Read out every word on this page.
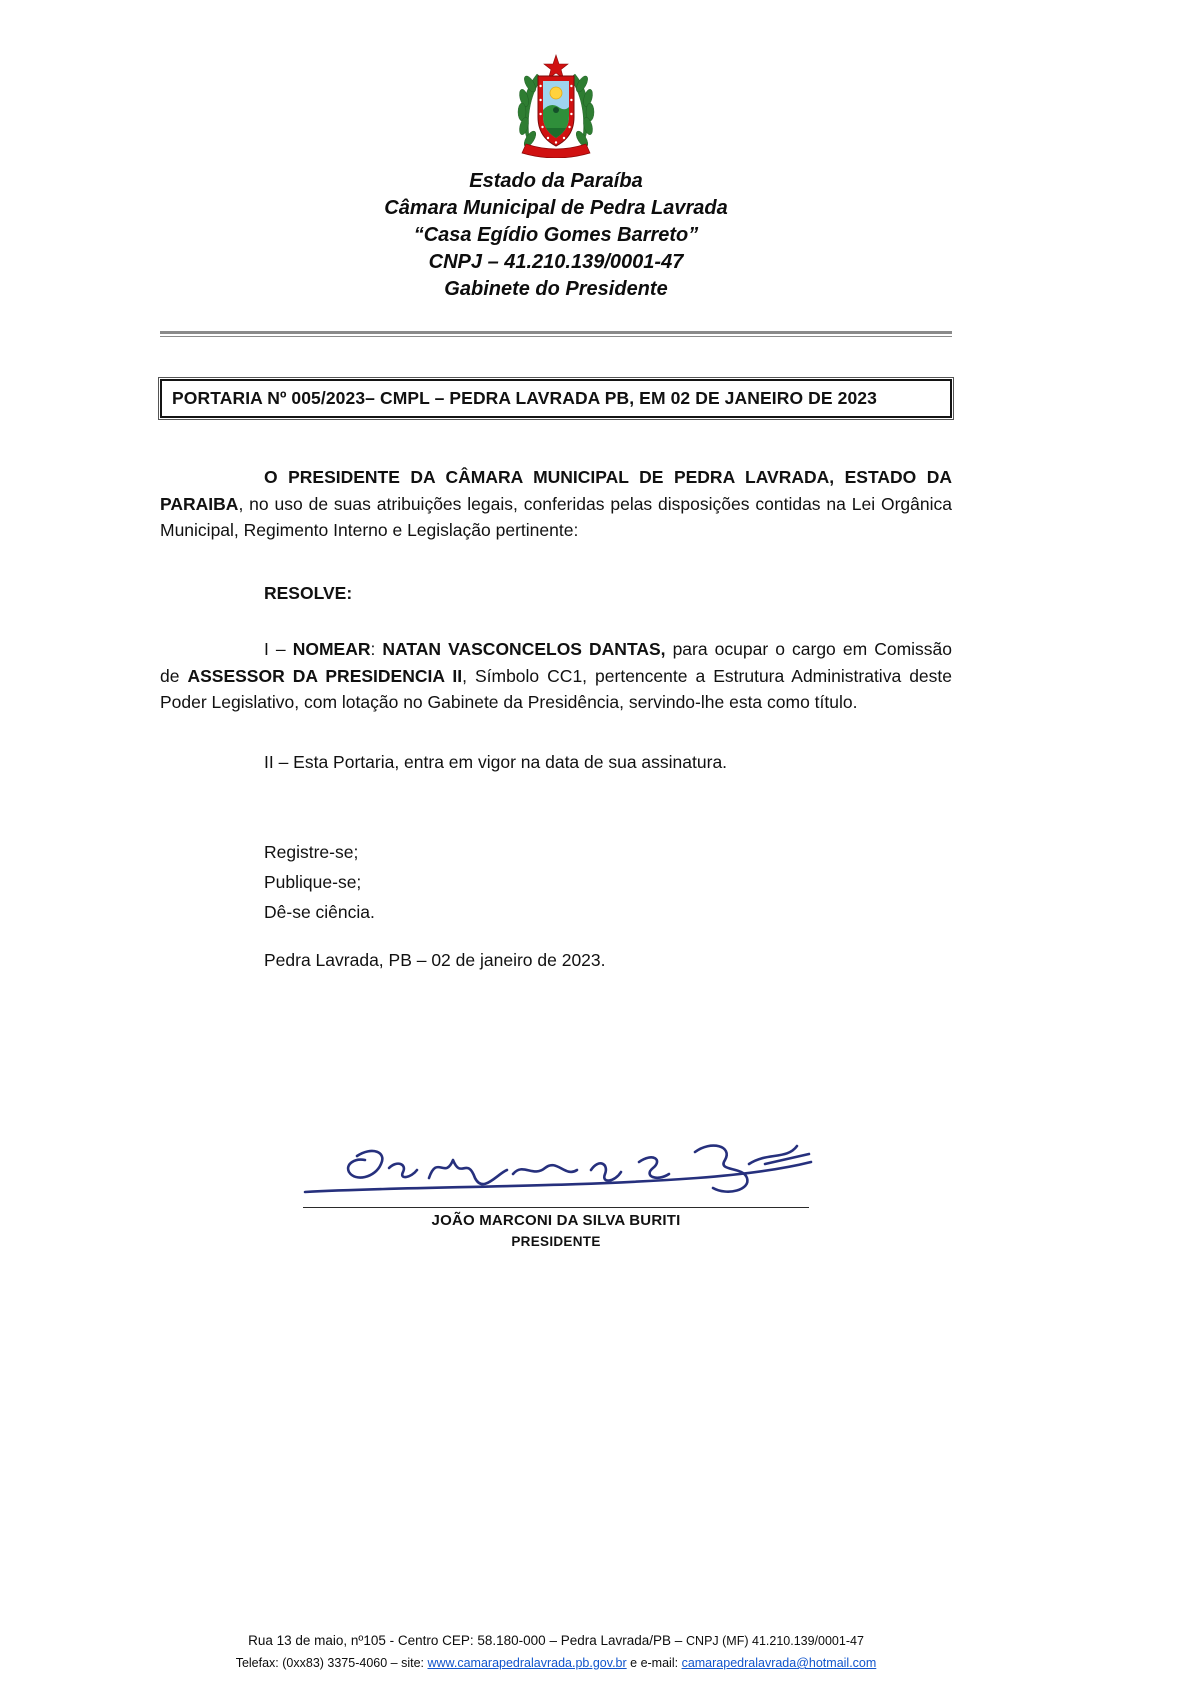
Estado da Paraíba
Câmara Municipal de Pedra Lavrada
“Casa Egídio Gomes Barreto”
CNPJ – 41.210.139/0001-47
Gabinete do Presidente
PORTARIA Nº 005/2023– CMPL – PEDRA LAVRADA PB, EM 02 DE JANEIRO DE 2023

O PRESIDENTE DA CÂMARA MUNICIPAL DE PEDRA LAVRADA, ESTADO DA PARAIBA, no uso de suas atribuições legais, conferidas pelas disposições contidas na Lei Orgânica Municipal, Regimento Interno e Legislação pertinente:

RESOLVE:

I – NOMEAR: NATAN VASCONCELOS DANTAS, para ocupar o cargo em Comissão de ASSESSOR DA PRESIDENCIA II, Símbolo CC1, pertencente a Estrutura Administrativa deste Poder Legislativo, com lotação no Gabinete da Presidência, servindo-lhe esta como título.

II – Esta Portaria, entra em vigor na data de sua assinatura.

Registre-se;
Publique-se;
Dê-se ciência.

Pedra Lavrada, PB – 02 de janeiro de 2023.

JOÃO MARCONI DA SILVA BURITI
PRESIDENTE
Rua 13 de maio, nº105 - Centro CEP: 58.180-000 – Pedra Lavrada/PB – CNPJ (MF) 41.210.139/0001-47
Telefax: (0xx83) 3375-4060 – site: www.camarapedralavrada.pb.gov.br e e-mail: camarapedralavrada@hotmail.com
